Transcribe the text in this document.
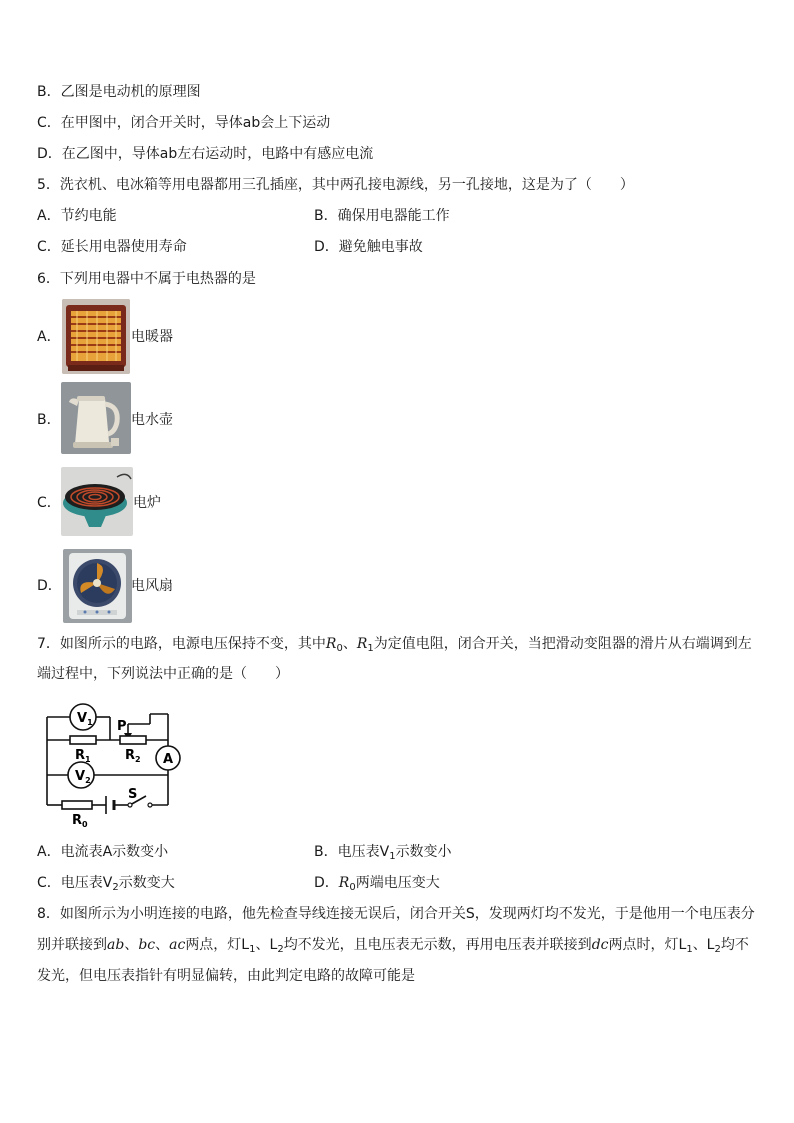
B．乙图是电动机的原理图
C．在甲图中，闭合开关时，导体ab会上下运动
D．在乙图中，导体ab左右运动时，电路中有感应电流
5．洗衣机、电冰箱等用电器都用三孔插座，其中两孔接电源线，另一孔接地，这是为了（　　）
A．节约电能	B．确保用电器能工作
C．延长用电器使用寿命	D．避免触电事故
6．下列用电器中不属于电热器的是
A．	电暖器
B．	电水壶
C．	电炉
D．	电风扇
7．如图所示的电路，电源电压保持不变，其中$R_0$、$R_1$为定值电阻，闭合开关，当把滑动变阻器的滑片从右端调到左
端过程中，下列说法中正确的是（　　）
$V_1$
$V_2$
A
P
$R_1$	$R_2$
S
$R_0$
A．电流表A示数变小	B．电压表$V_1$示数变小
C．电压表$V_2$示数变大	D．$R_0$两端电压变大
8．如图所示为小明连接的电路，他先检查导线连接无误后，闭合开关S，发现两灯均不发光，于是他用一个电压表分
别并联接到ab、bc、ac两点，灯$L_1$、$L_2$均不发光，且电压表无示数，再用电压表并联接到dc两点时，灯$L_1$、$L_2$均不
发光，但电压表指针有明显偏转，由此判定电路的故障可能是
